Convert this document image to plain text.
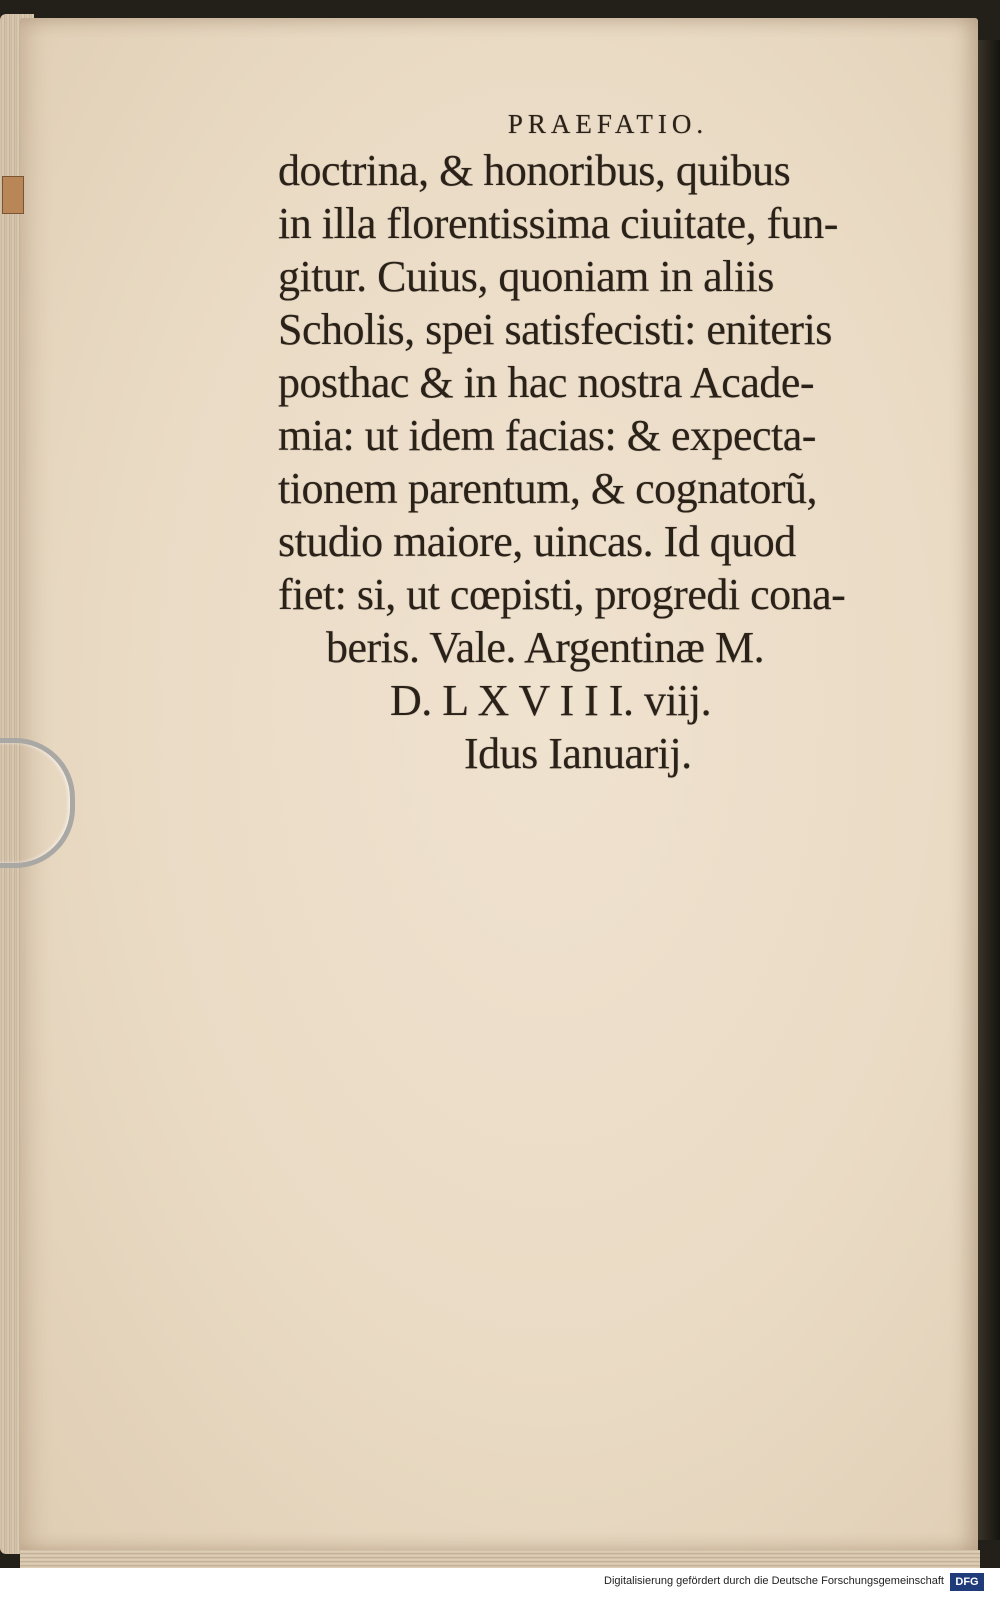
PRAEFATIO.
doctrina, & honoribus, quibus
in illa florentissima ciuitate, fun-
gitur. Cuius, quoniam in aliis
Scholis, spei satisfecisti: eniteris
posthac & in hac nostra Acade-
mia: ut idem facias: & expecta-
tionem parentum, & cognatorũ,
studio maiore, uincas. Id quod
fiet: si, ut cœpisti, progredi cona-
beris. Vale. Argentinæ M.
D. L X V I I I. viij.
Idus Ianuarij.
Digitalisierung gefördert durch die Deutsche Forschungsgemeinschaft	DFG
